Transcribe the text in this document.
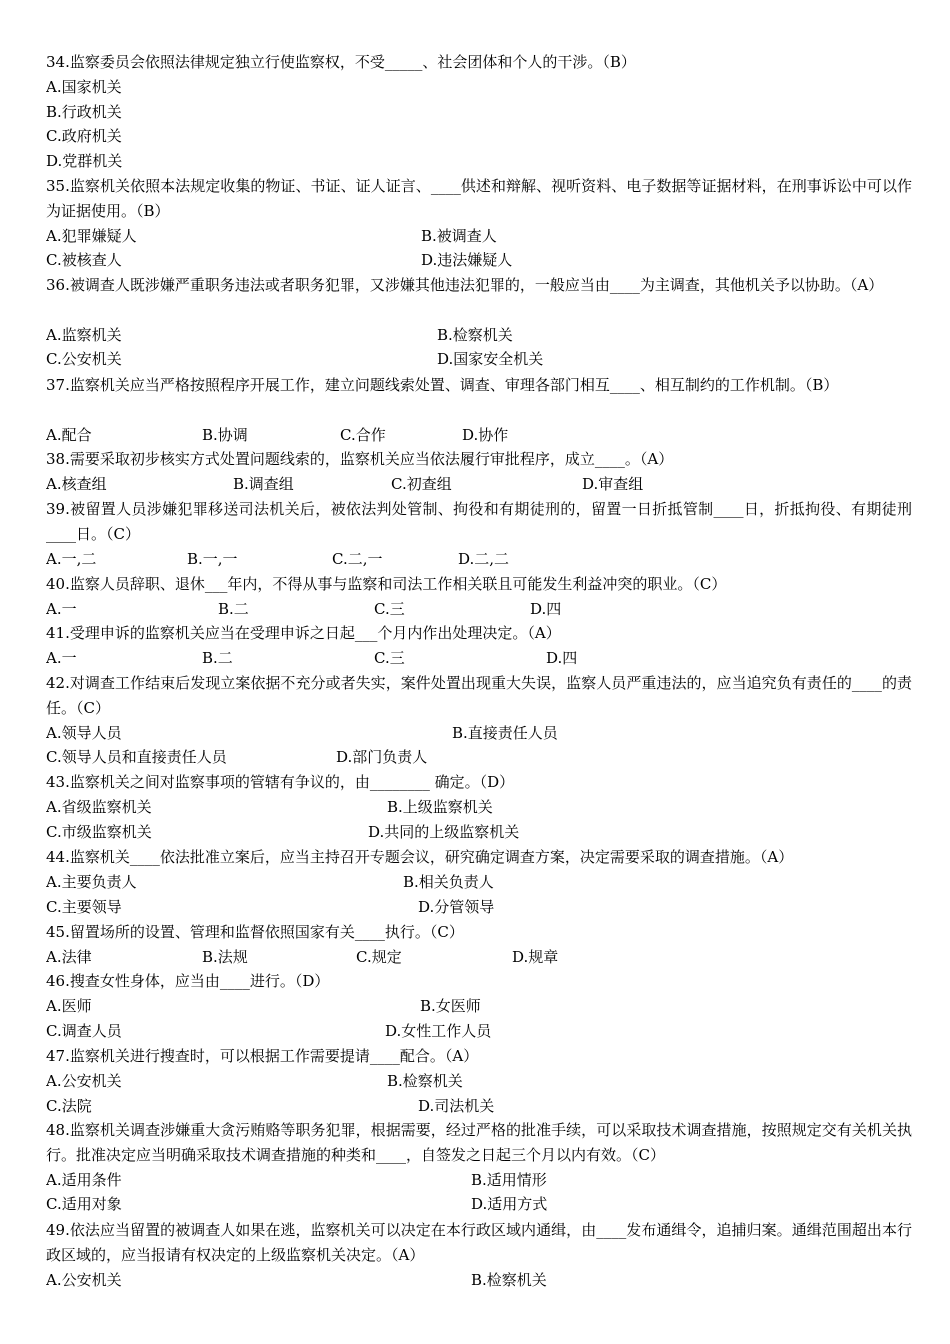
34.监察委员会依照法律规定独立行使监察权，不受_____、社会团体和个人的干涉。（B）
A.国家机关
B.行政机关
C.政府机关
D.党群机关
35.监察机关依照本法规定收集的物证、书证、证人证言、____供述和辩解、视听资料、电子数据等证据材料，在刑事诉讼中可以作为证据使用。（B）
A.犯罪嫌疑人	B.被调查人
C.被核查人	D.违法嫌疑人
36.被调查人既涉嫌严重职务违法或者职务犯罪，又涉嫌其他违法犯罪的，一般应当由____为主调查，其他机关予以协助。（A）
A.监察机关	B.检察机关
C.公安机关	D.国家安全机关
37.监察机关应当严格按照程序开展工作，建立问题线索处置、调查、审理各部门相互____、相互制约的工作机制。（B）
A.配合	B.协调	C.合作	D.协作
38.需要采取初步核实方式处置问题线索的，监察机关应当依法履行审批程序，成立____。（A）
A.核查组	B.调查组	C.初查组	D.审查组
39.被留置人员涉嫌犯罪移送司法机关后，被依法判处管制、拘役和有期徒刑的，留置一日折抵管制____日，折抵拘役、有期徒刑____日。（C）
A.一,二	B.一,一	C.二,一	D.二,二
40.监察人员辞职、退休___年内，不得从事与监察和司法工作相关联且可能发生利益冲突的职业。（C）
A.一	B.二	C.三	D.四
41.受理申诉的监察机关应当在受理申诉之日起___个月内作出处理决定。（A）
A.一	B.二	C.三	D.四
42.对调查工作结束后发现立案依据不充分或者失实，案件处置出现重大失误，监察人员严重违法的，应当追究负有责任的____的责任。（C）
A.领导人员	B.直接责任人员
C.领导人员和直接责任人员	D.部门负责人
43.监察机关之间对监察事项的管辖有争议的，由________ 确定。（D）
A.省级监察机关	B.上级监察机关
C.市级监察机关	D.共同的上级监察机关
44.监察机关____依法批准立案后，应当主持召开专题会议，研究确定调查方案，决定需要采取的调查措施。（A）
A.主要负责人	B.相关负责人
C.主要领导	D.分管领导
45.留置场所的设置、管理和监督依照国家有关____执行。（C）
A.法律	B.法规	C.规定	D.规章
46.搜查女性身体，应当由____进行。（D）
A.医师	B.女医师
C.调查人员	D.女性工作人员
47.监察机关进行搜查时，可以根据工作需要提请____配合。（A）
A.公安机关	B.检察机关
C.法院	D.司法机关
48.监察机关调查涉嫌重大贪污贿赂等职务犯罪，根据需要，经过严格的批准手续，可以采取技术调查措施，按照规定交有关机关执行。批准决定应当明确采取技术调查措施的种类和____，自签发之日起三个月以内有效。（C）
A.适用条件	B.适用情形
C.适用对象	D.适用方式
49.依法应当留置的被调查人如果在逃，监察机关可以决定在本行政区域内通缉，由____发布通缉令，追捕归案。通缉范围超出本行政区域的，应当报请有权决定的上级监察机关决定。（A）
A.公安机关	B.检察机关
